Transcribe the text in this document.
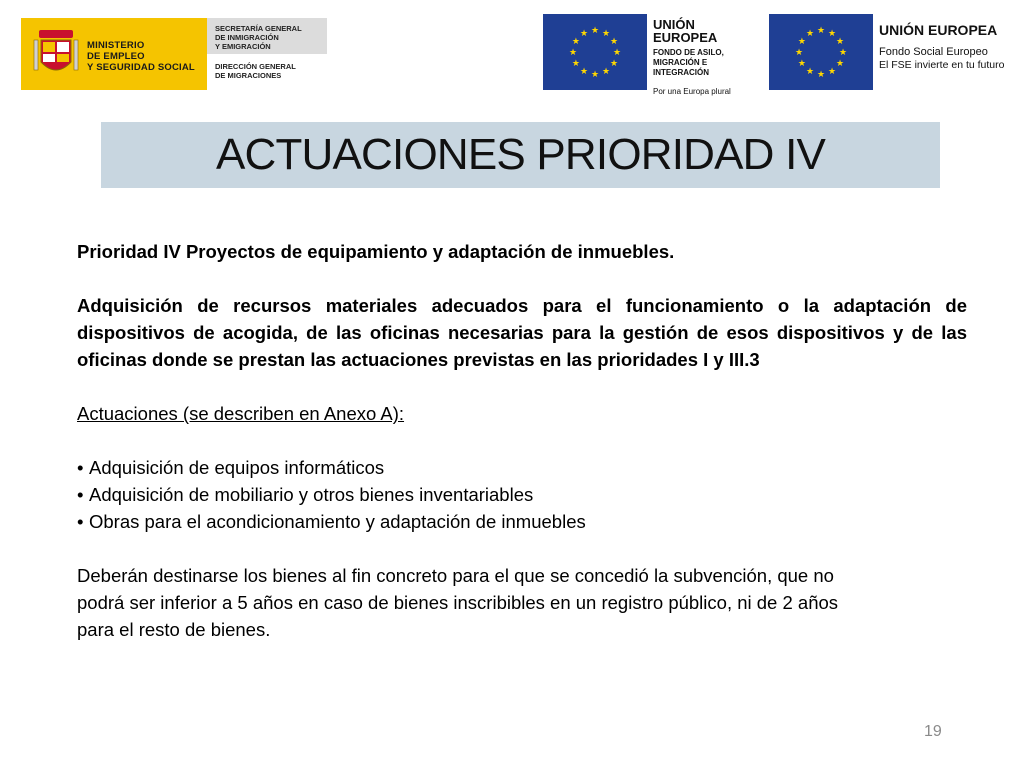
MINISTERIO
DE EMPLEO
Y SEGURIDAD SOCIAL
SECRETARÍA GENERAL
DE INMIGRACIÓN
Y EMIGRACIÓN
DIRECCIÓN GENERAL
DE MIGRACIONES
★ ★
★
★
★
★
★
★
★
★
★
★
UNIÓN EUROPEA
FONDO DE ASILO,
MIGRACIÓN E INTEGRACIÓN
Por una Europa plural
★ ★
★
★
★
★
★
★
★
★
★
★	UNIÓN EUROPEA
Fondo Social Europeo
El FSE invierte en tu futuro
ACTUACIONES PRIORIDAD IV

Prioridad IV Proyectos de equipamiento y adaptación de inmuebles.

Adquisición de recursos materiales adecuados para el funcionamiento o la adaptación de dispositivos de acogida, de las oficinas necesarias para la gestión de esos dispositivos y de las oficinas donde se prestan las actuaciones previstas en las prioridades I y III.3

Actuaciones (se describen en Anexo A):

• Adquisición de equipos informáticos
• Adquisición de mobiliario y otros bienes inventariables
• Obras para el acondicionamiento y adaptación de inmuebles

Deberán destinarse los bienes al fin concreto para el que se concedió la subvención, que no

podrá ser inferior a 5 años en caso de bienes inscribibles en un registro público, ni de 2 años

para el resto de bienes.

19
